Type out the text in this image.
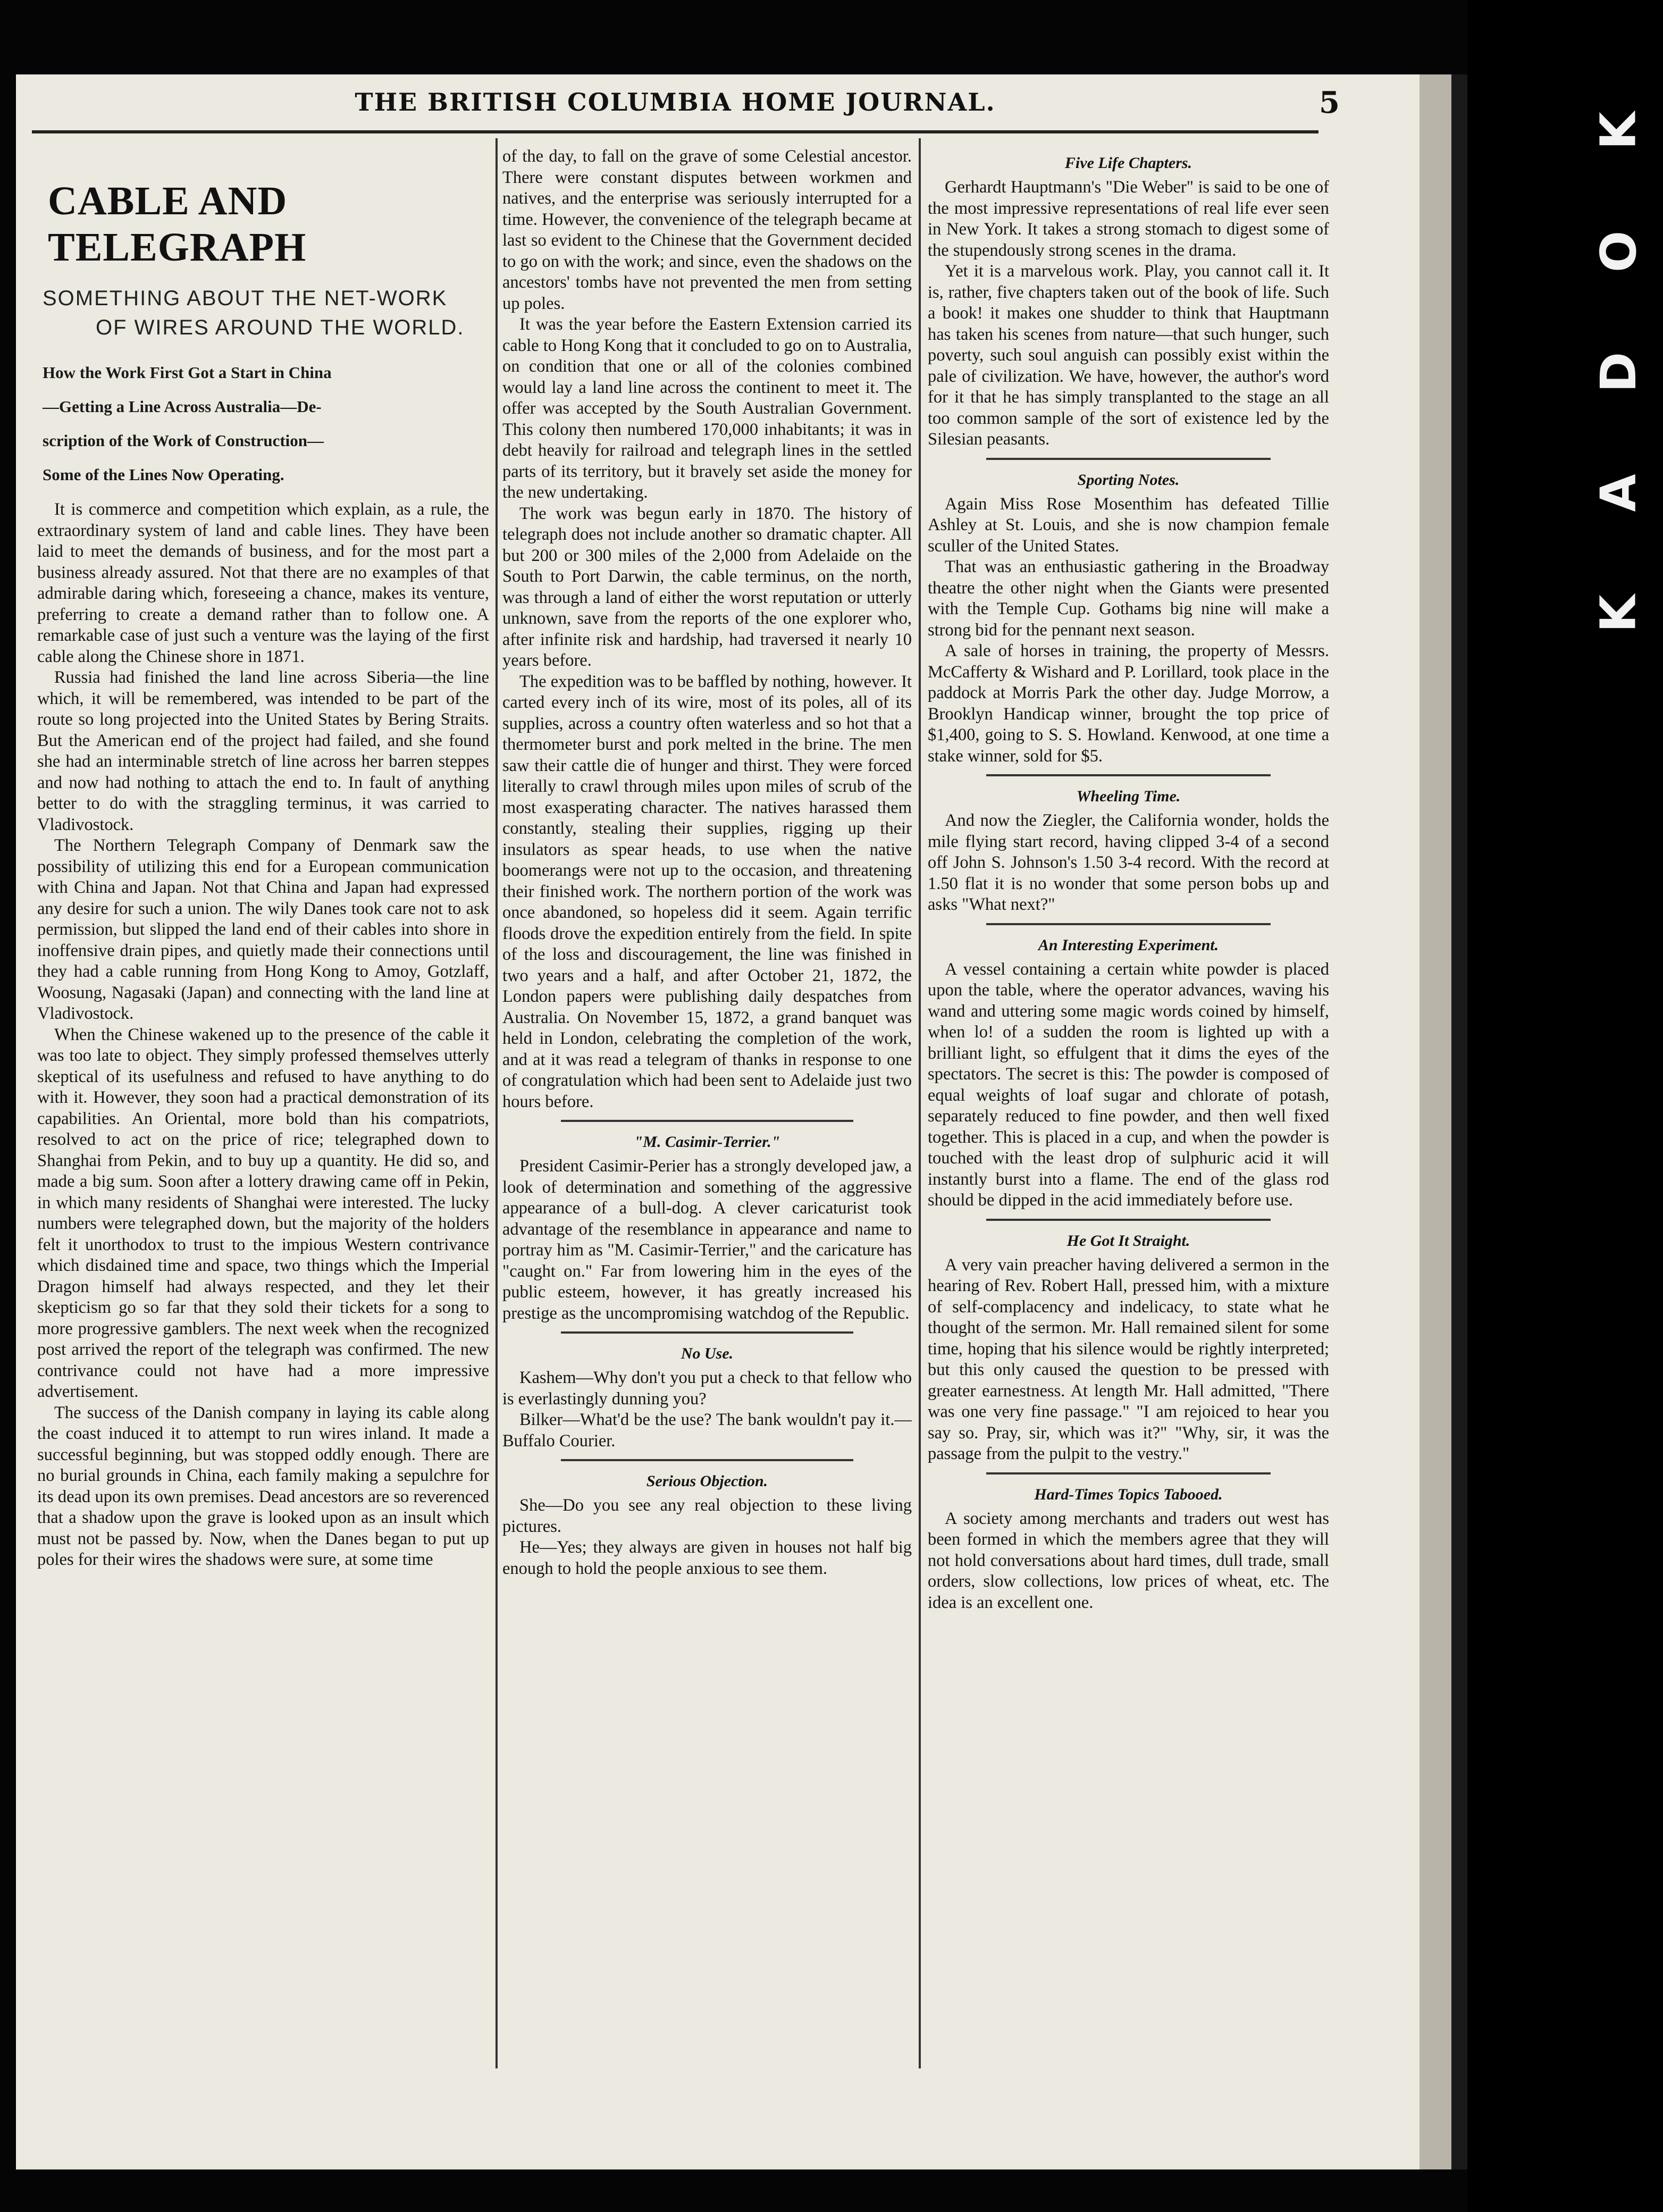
K
O
D
A
K
THE BRITISH COLUMBIA HOME JOURNAL.	5
CABLE AND TELEGRAPH
SOMETHING ABOUT THE NET-WORK
OF WIRES AROUND THE WORLD.
How the Work First Got a Start in China
—Getting a Line Across Australia—De-
scription of the Work of Construction—
Some of the Lines Now Operating.

It is commerce and competition which explain, as a rule, the extraordinary system of land and cable lines. They have been laid to meet the demands of business, and for the most part a business already assured. Not that there are no examples of that admirable daring which, foreseeing a chance, makes its venture, preferring to create a demand rather than to follow one. A remarkable case of just such a venture was the laying of the first cable along the Chinese shore in 1871.

Russia had finished the land line across Siberia—the line which, it will be remembered, was intended to be part of the route so long projected into the United States by Bering Straits. But the American end of the project had failed, and she found she had an interminable stretch of line across her barren steppes and now had nothing to attach the end to. In fault of anything better to do with the straggling terminus, it was carried to Vladivostock.

The Northern Telegraph Company of Denmark saw the possibility of utilizing this end for a European communication with China and Japan. Not that China and Japan had expressed any desire for such a union. The wily Danes took care not to ask permission, but slipped the land end of their cables into shore in inoffensive drain pipes, and quietly made their connections until they had a cable running from Hong Kong to Amoy, Gotzlaff, Woosung, Nagasaki (Japan) and connecting with the land line at Vladivostock.

When the Chinese wakened up to the presence of the cable it was too late to object. They simply professed themselves utterly skeptical of its usefulness and refused to have anything to do with it. However, they soon had a practical demonstration of its capabilities. An Oriental, more bold than his compatriots, resolved to act on the price of rice; telegraphed down to Shanghai from Pekin, and to buy up a quantity. He did so, and made a big sum. Soon after a lottery drawing came off in Pekin, in which many residents of Shanghai were interested. The lucky numbers were telegraphed down, but the majority of the holders felt it unorthodox to trust to the impious Western contrivance which disdained time and space, two things which the Imperial Dragon himself had always respected, and they let their skepticism go so far that they sold their tickets for a song to more progressive gamblers. The next week when the recognized post arrived the report of the telegraph was confirmed. The new contrivance could not have had a more impressive advertisement.

The success of the Danish company in laying its cable along the coast induced it to attempt to run wires inland. It made a successful beginning, but was stopped oddly enough. There are no burial grounds in China, each family making a sepulchre for its dead upon its own premises. Dead ancestors are so reverenced that a shadow upon the grave is looked upon as an insult which must not be passed by. Now, when the Danes began to put up poles for their wires the shadows were sure, at some time

of the day, to fall on the grave of some Celestial ancestor. There were constant disputes between workmen and natives, and the enterprise was seriously interrupted for a time. However, the convenience of the telegraph became at last so evident to the Chinese that the Government decided to go on with the work; and since, even the shadows on the ancestors' tombs have not prevented the men from setting up poles.

It was the year before the Eastern Extension carried its cable to Hong Kong that it concluded to go on to Australia, on condition that one or all of the colonies combined would lay a land line across the continent to meet it. The offer was accepted by the South Australian Government. This colony then numbered 170,000 inhabitants; it was in debt heavily for railroad and telegraph lines in the settled parts of its territory, but it bravely set aside the money for the new undertaking.

The work was begun early in 1870. The history of telegraph does not include another so dramatic chapter. All but 200 or 300 miles of the 2,000 from Adelaide on the South to Port Darwin, the cable terminus, on the north, was through a land of either the worst reputation or utterly unknown, save from the reports of the one explorer who, after infinite risk and hardship, had traversed it nearly 10 years before.

The expedition was to be baffled by nothing, however. It carted every inch of its wire, most of its poles, all of its supplies, across a country often waterless and so hot that a thermometer burst and pork melted in the brine. The men saw their cattle die of hunger and thirst. They were forced literally to crawl through miles upon miles of scrub of the most exasperating character. The natives harassed them constantly, stealing their supplies, rigging up their insulators as spear heads, to use when the native boomerangs were not up to the occasion, and threatening their finished work. The northern portion of the work was once abandoned, so hopeless did it seem. Again terrific floods drove the expedition entirely from the field. In spite of the loss and discouragement, the line was finished in two years and a half, and after October 21, 1872, the London papers were publishing daily despatches from Australia. On November 15, 1872, a grand banquet was held in London, celebrating the completion of the work, and at it was read a telegram of thanks in response to one of congratulation which had been sent to Adelaide just two hours before.

"M. Casimir-Terrier."

President Casimir-Perier has a strongly developed jaw, a look of determination and something of the aggressive appearance of a bull-dog. A clever caricaturist took advantage of the resemblance in appearance and name to portray him as "M. Casimir-Terrier," and the caricature has "caught on." Far from lowering him in the eyes of the public esteem, however, it has greatly increased his prestige as the uncompromising watchdog of the Republic.

No Use.

Kashem—Why don't you put a check to that fellow who is everlastingly dunning you?

Bilker—What'd be the use? The bank wouldn't pay it.—Buffalo Courier.

Serious Objection.

She—Do you see any real objection to these living pictures.

He—Yes; they always are given in houses not half big enough to hold the people anxious to see them.

Five Life Chapters.

Gerhardt Hauptmann's "Die Weber" is said to be one of the most impressive representations of real life ever seen in New York. It takes a strong stomach to digest some of the stupendously strong scenes in the drama.

Yet it is a marvelous work. Play, you cannot call it. It is, rather, five chapters taken out of the book of life. Such a book! it makes one shudder to think that Hauptmann has taken his scenes from nature—that such hunger, such poverty, such soul anguish can possibly exist within the pale of civilization. We have, however, the author's word for it that he has simply transplanted to the stage an all too common sample of the sort of existence led by the Silesian peasants.

Sporting Notes.

Again Miss Rose Mosenthim has defeated Tillie Ashley at St. Louis, and she is now champion female sculler of the United States.

That was an enthusiastic gathering in the Broadway theatre the other night when the Giants were presented with the Temple Cup. Gothams big nine will make a strong bid for the pennant next season.

A sale of horses in training, the property of Messrs. McCafferty & Wishard and P. Lorillard, took place in the paddock at Morris Park the other day. Judge Morrow, a Brooklyn Handicap winner, brought the top price of $1,400, going to S. S. Howland. Kenwood, at one time a stake winner, sold for $5.

Wheeling Time.

And now the Ziegler, the California wonder, holds the mile flying start record, having clipped 3-4 of a second off John S. Johnson's 1.50 3-4 record. With the record at 1.50 flat it is no wonder that some person bobs up and asks "What next?"

An Interesting Experiment.

A vessel containing a certain white powder is placed upon the table, where the operator advances, waving his wand and uttering some magic words coined by himself, when lo! of a sudden the room is lighted up with a brilliant light, so effulgent that it dims the eyes of the spectators. The secret is this: The powder is composed of equal weights of loaf sugar and chlorate of potash, separately reduced to fine powder, and then well fixed together. This is placed in a cup, and when the powder is touched with the least drop of sulphuric acid it will instantly burst into a flame. The end of the glass rod should be dipped in the acid immediately before use.

He Got It Straight.

A very vain preacher having delivered a sermon in the hearing of Rev. Robert Hall, pressed him, with a mixture of self-complacency and indelicacy, to state what he thought of the sermon. Mr. Hall remained silent for some time, hoping that his silence would be rightly interpreted; but this only caused the question to be pressed with greater earnestness. At length Mr. Hall admitted, "There was one very fine passage." "I am rejoiced to hear you say so. Pray, sir, which was it?" "Why, sir, it was the passage from the pulpit to the vestry."

Hard-Times Topics Tabooed.

A society among merchants and traders out west has been formed in which the members agree that they will not hold conversations about hard times, dull trade, small orders, slow collections, low prices of wheat, etc. The idea is an excellent one.
